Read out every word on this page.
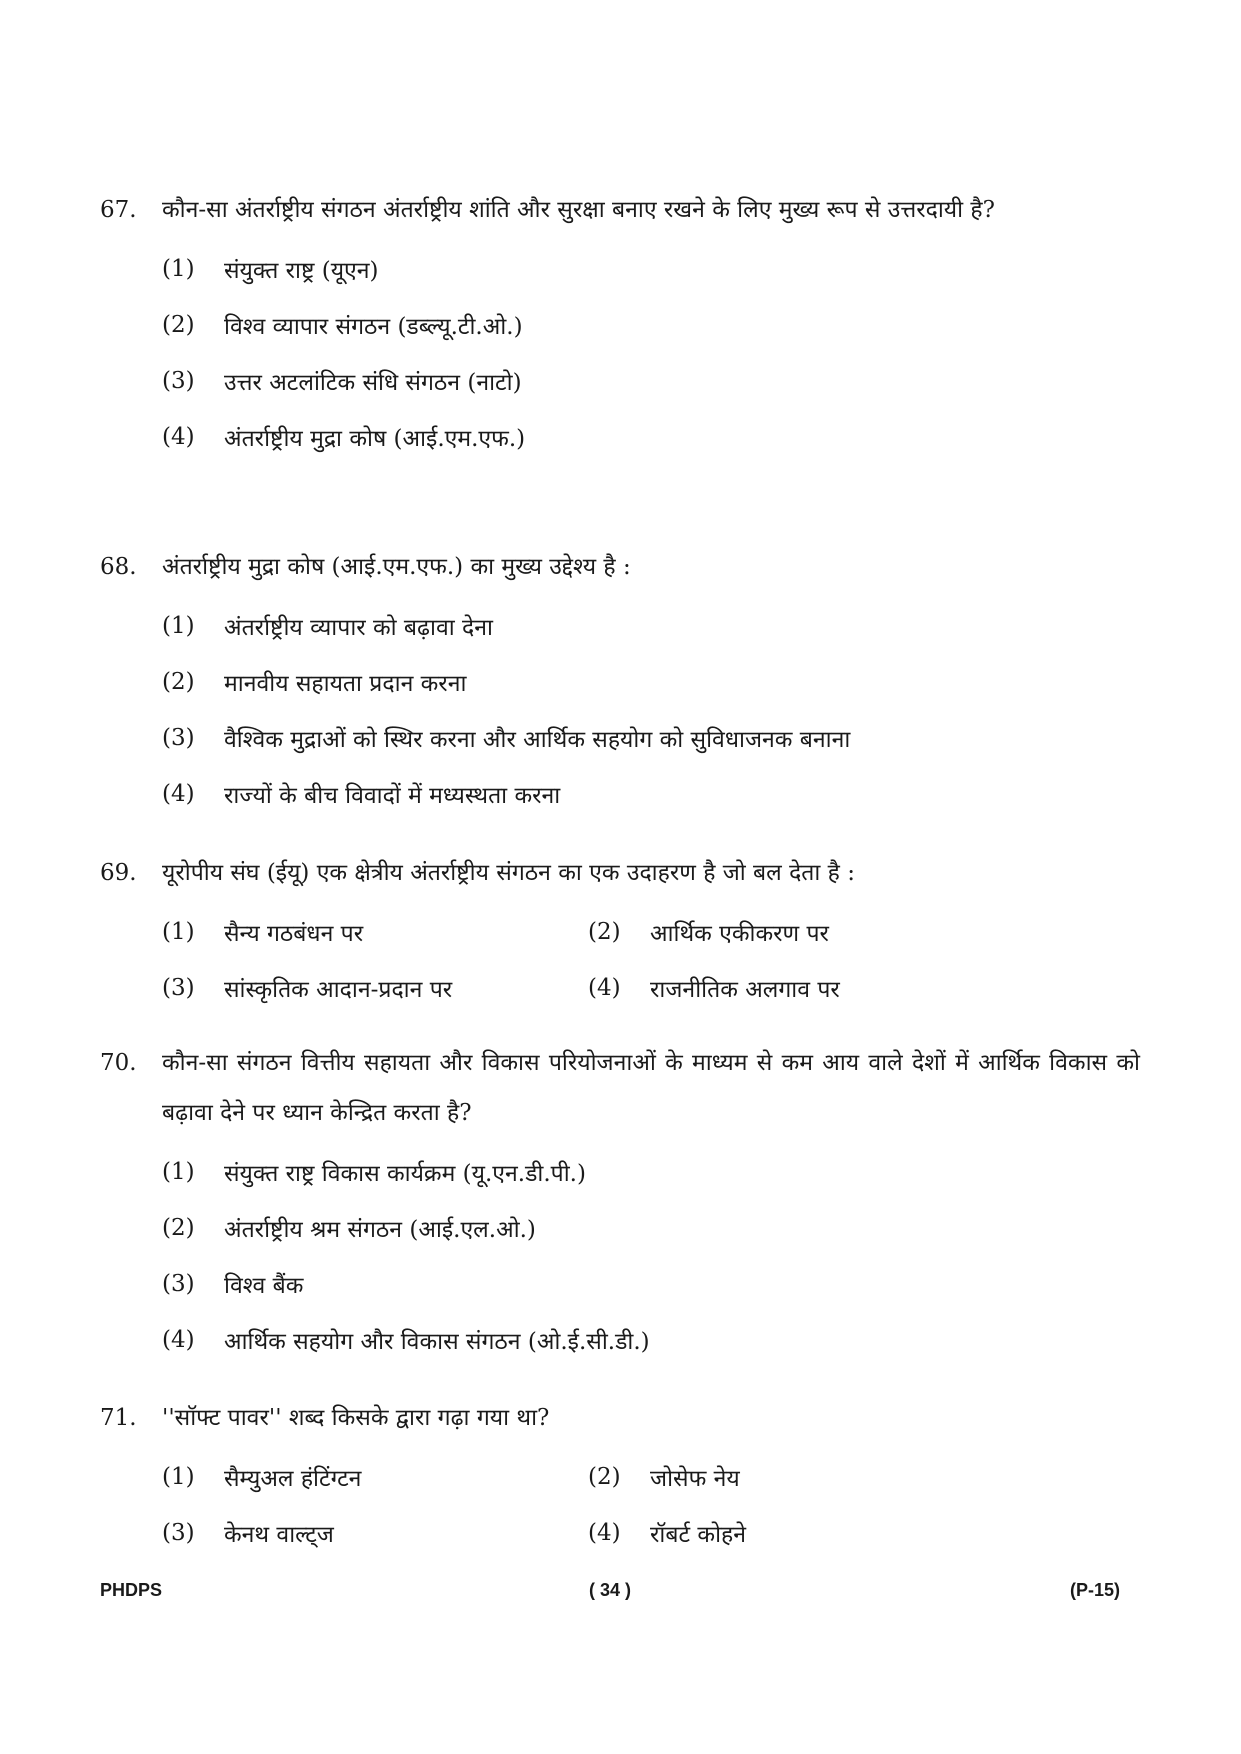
67.	कौन-सा अंतर्राष्ट्रीय संगठन अंतर्राष्ट्रीय शांति और सुरक्षा बनाए रखने के लिए मुख्य रूप से उत्तरदायी है?
(1)	संयुक्त राष्ट्र (यूएन)
(2)	विश्व व्यापार संगठन (डब्ल्यू.टी.ओ.)
(3)	उत्तर अटलांटिक संधि संगठन (नाटो)
(4)	अंतर्राष्ट्रीय मुद्रा कोष (आई.एम.एफ.)
68.	अंतर्राष्ट्रीय मुद्रा कोष (आई.एम.एफ.) का मुख्य उद्देश्य है :
(1)	अंतर्राष्ट्रीय व्यापार को बढ़ावा देना
(2)	मानवीय सहायता प्रदान करना
(3)	वैश्विक मुद्राओं को स्थिर करना और आर्थिक सहयोग को सुविधाजनक बनाना
(4)	राज्यों के बीच विवादों में मध्यस्थता करना
69.	यूरोपीय संघ (ईयू) एक क्षेत्रीय अंतर्राष्ट्रीय संगठन का एक उदाहरण है जो बल देता है :
(1)	सैन्य गठबंधन पर	(2)	आर्थिक एकीकरण पर
(3)	सांस्कृतिक आदान-प्रदान पर	(4)	राजनीतिक अलगाव पर
70.	कौन-सा संगठन वित्तीय सहायता और विकास परियोजनाओं के माध्यम से कम आय वाले देशों में आर्थिक विकास को बढ़ावा देने पर ध्यान केन्द्रित करता है?
(1)	संयुक्त राष्ट्र विकास कार्यक्रम (यू.एन.डी.पी.)
(2)	अंतर्राष्ट्रीय श्रम संगठन (आई.एल.ओ.)
(3)	विश्व बैंक
(4)	आर्थिक सहयोग और विकास संगठन (ओ.ई.सी.डी.)
71.	''सॉफ्ट पावर'' शब्द किसके द्वारा गढ़ा गया था?
(1)	सैम्युअल हंटिंग्टन	(2)	जोसेफ नेय
(3)	केनथ वाल्ट्ज	(4)	रॉबर्ट कोहने
PHDPS	( 34 )	(P-15)
